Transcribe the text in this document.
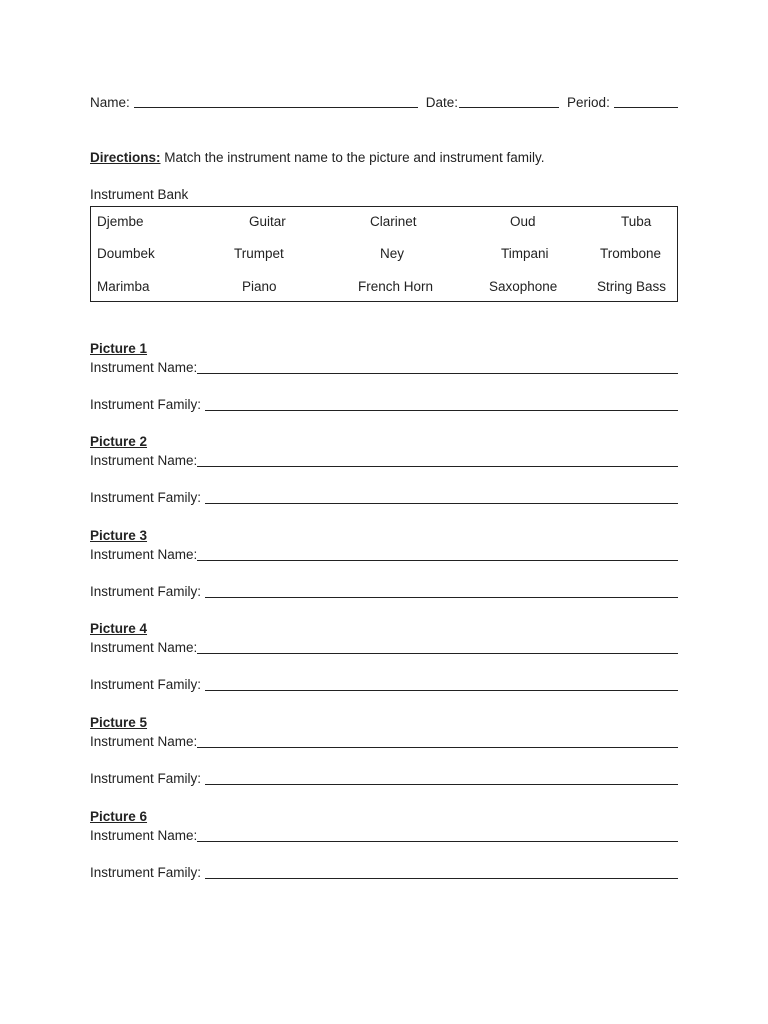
Name:	Date:	Period:
Directions: Match the instrument name to the picture and instrument family.
Instrument Bank
Djembe	Guitar	Clarinet	Oud	Tuba
Doumbek	Trumpet	Ney	Timpani	Trombone
Marimba	Piano	French Horn	Saxophone	String Bass
Picture 1
Instrument Name:
Instrument Family:
Picture 2
Instrument Name:
Instrument Family:
Picture 3
Instrument Name:
Instrument Family:
Picture 4
Instrument Name:
Instrument Family:
Picture 5
Instrument Name:
Instrument Family:
Picture 6
Instrument Name:
Instrument Family:
